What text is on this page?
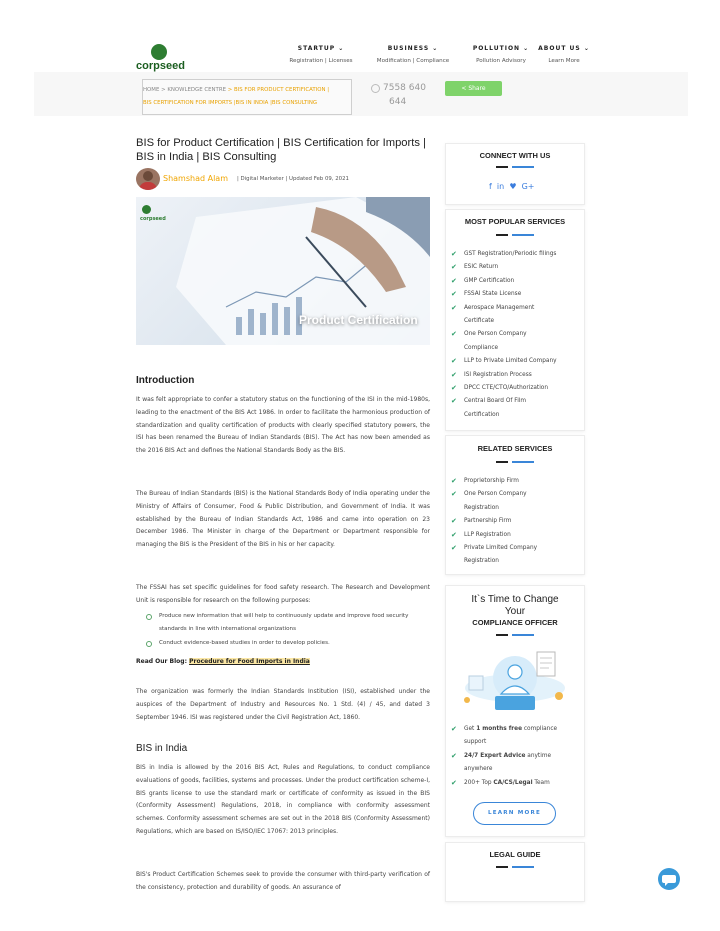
corpseed
STARTUP ⌄
Registration | Licenses
BUSINESS ⌄
Modification | Compliance
POLLUTION ⌄
Pollution Advisory
ABOUT US ⌄
Learn More
HOME > KNOWLEDGE CENTRE > BIS FOR PRODUCT CERTIFICATION |
BIS CERTIFICATION FOR IMPORTS |BIS IN INDIA |BIS CONSULTING
7558 640
644
< Share
BIS for Product Certification | BIS Certification for Imports | BIS in India | BIS Consulting
Shamshad Alam | Digital Marketer | Updated Feb 09, 2021
corpseed
Product Certification
Introduction
It was felt appropriate to confer a statutory status on the functioning of the ISI in the mid-1980s, leading to the enactment of the BIS Act 1986. In order to facilitate the harmonious production of standardization and quality certification of products with clearly specified statutory powers, the ISI has been renamed the Bureau of Indian Standards (BIS). The Act has now been amended as the 2016 BIS Act and defines the National Standards Body as the BIS.
The Bureau of Indian Standards (BIS) is the National Standards Body of India operating under the Ministry of Affairs of Consumer, Food & Public Distribution, and Government of India. It was established by the Bureau of Indian Standards Act, 1986 and came into operation on 23 December 1986. The Minister in charge of the Department or Department responsible for managing the BIS is the President of the BIS in his or her capacity.
The FSSAI has set specific guidelines for food safety research. The Research and Development Unit is responsible for research on the following purposes:
Produce new information that will help to continuously update and improve food security standards in line with international organizations
Conduct evidence-based studies in order to develop policies.
Read Our Blog: Procedure for Food Imports in India
The organization was formerly the Indian Standards Institution (ISI), established under the auspices of the Department of Industry and Resources No. 1 Std. (4) / 45, and dated 3 September 1946. ISI was registered under the Civil Registration Act, 1860.
BIS in India
BIS in India is allowed by the 2016 BIS Act, Rules and Regulations, to conduct compliance evaluations of goods, facilities, systems and processes. Under the product certification scheme-I, BIS grants license to use the standard mark or certificate of conformity as issued in the BIS (Conformity Assessment) Regulations, 2018, in compliance with conformity assessment schemes. Conformity assessment schemes are set out in the 2018 BIS (Conformity Assessment) Regulations, which are based on IS/ISO/IEC 17067: 2013 principles.
BIS's Product Certification Schemes seek to provide the consumer with third-party verification of the consistency, protection and durability of goods. An assurance of
CONNECT WITH US
f in ♥ G+
MOST POPULAR SERVICES
✔ GST Registration/Periodic filings
✔ ESIC Return
✔ GMP Certification
✔ FSSAI State License
✔ Aerospace Management
Certificate
✔ One Person Company
Compliance
✔ LLP to Private Limited Company
✔ ISI Registration Process
✔ DPCC CTE/CTO/Authorization
✔ Central Board Of Film
Certification
RELATED SERVICES
✔ Proprietorship Firm
✔ One Person Company
Registration
✔ Partnership Firm
✔ LLP Registration
✔ Private Limited Company
Registration
It`s Time to Change
Your
COMPLIANCE OFFICER
✔ Get 1 months free compliance
support
✔ 24/7 Expert Advice anytime
anywhere
✔ 200+ Top CA/CS/Legal Team
LEARN MORE
LEGAL GUIDE
